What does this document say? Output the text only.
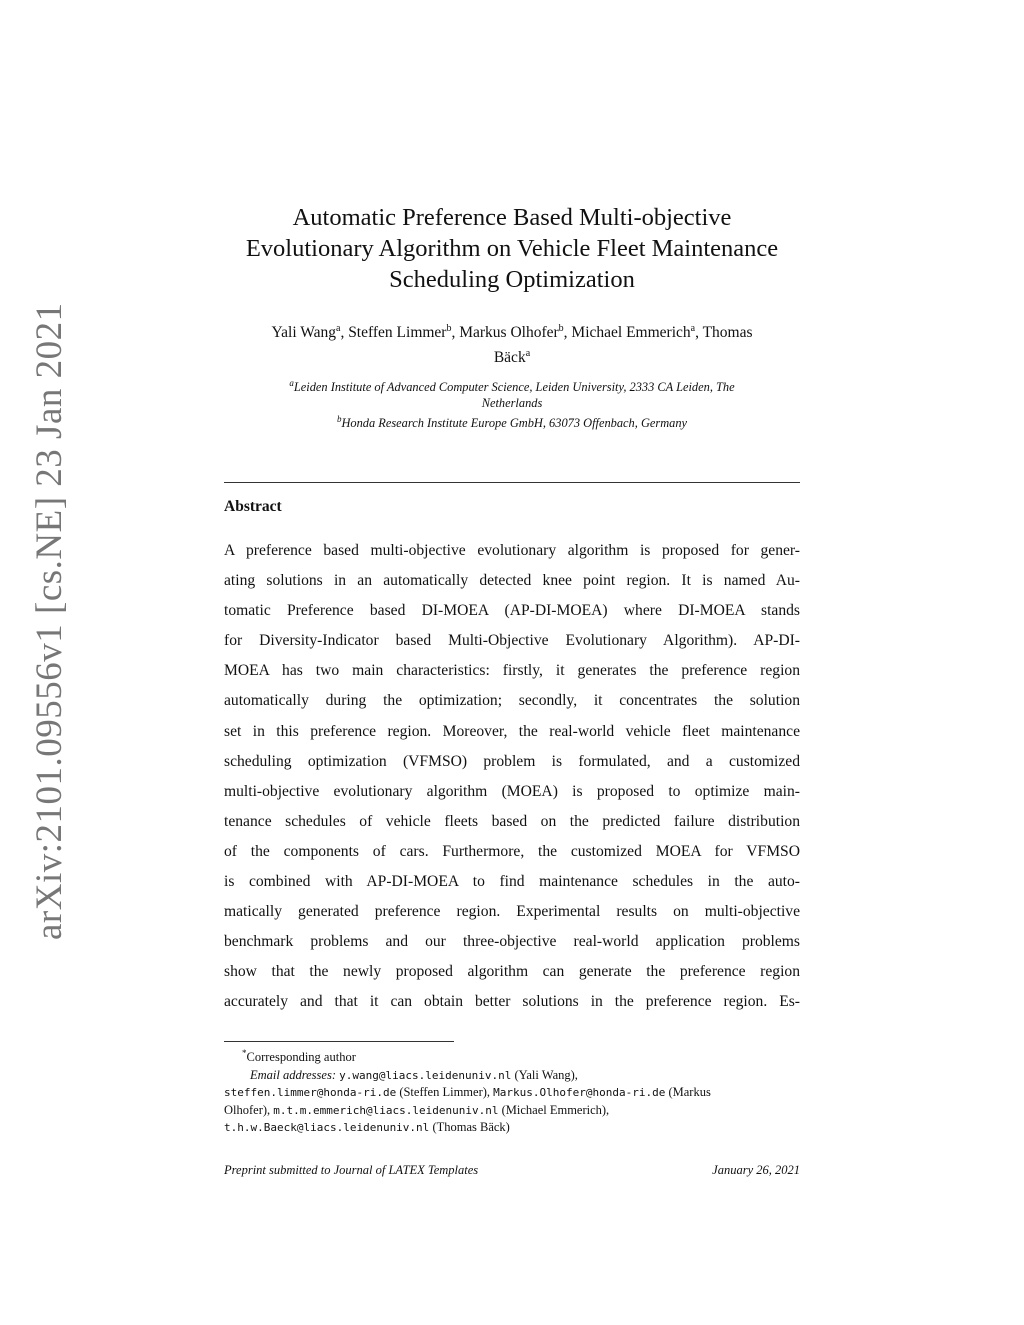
arXiv:2101.09556v1 [cs.NE] 23 Jan 2021
Automatic Preference Based Multi-objective
Evolutionary Algorithm on Vehicle Fleet Maintenance
Scheduling Optimization
Yali Wang$^a$, Steffen Limmer$^b$, Markus Olhofer$^b$, Michael Emmerich$^a$, Thomas
Bäck$^a$
$^a$Leiden Institute of Advanced Computer Science, Leiden University, 2333 CA Leiden, The
Netherlands
$^b$Honda Research Institute Europe GmbH, 63073 Offenbach, Germany
Abstract
A preference based multi-objective evolutionary algorithm is proposed for gener-
ating solutions in an automatically detected knee point region. It is named Au-
tomatic Preference based DI-MOEA (AP-DI-MOEA) where DI-MOEA stands
for Diversity-Indicator based Multi-Objective Evolutionary Algorithm). AP-DI-
MOEA has two main characteristics: firstly, it generates the preference region
automatically during the optimization; secondly, it concentrates the solution
set in this preference region. Moreover, the real-world vehicle fleet maintenance
scheduling optimization (VFMSO) problem is formulated, and a customized
multi-objective evolutionary algorithm (MOEA) is proposed to optimize main-
tenance schedules of vehicle fleets based on the predicted failure distribution
of the components of cars. Furthermore, the customized MOEA for VFMSO
is combined with AP-DI-MOEA to find maintenance schedules in the auto-
matically generated preference region. Experimental results on multi-objective
benchmark problems and our three-objective real-world application problems
show that the newly proposed algorithm can generate the preference region
accurately and that it can obtain better solutions in the preference region. Es-
*Corresponding author
Email addresses: y.wang@liacs.leidenuniv.nl (Yali Wang),
steffen.limmer@honda-ri.de (Steffen Limmer), Markus.Olhofer@honda-ri.de (Markus
Olhofer), m.t.m.emmerich@liacs.leidenuniv.nl (Michael Emmerich),
t.h.w.Baeck@liacs.leidenuniv.nl (Thomas Bäck)
Preprint submitted to Journal of LATEX Templates	January 26, 2021
